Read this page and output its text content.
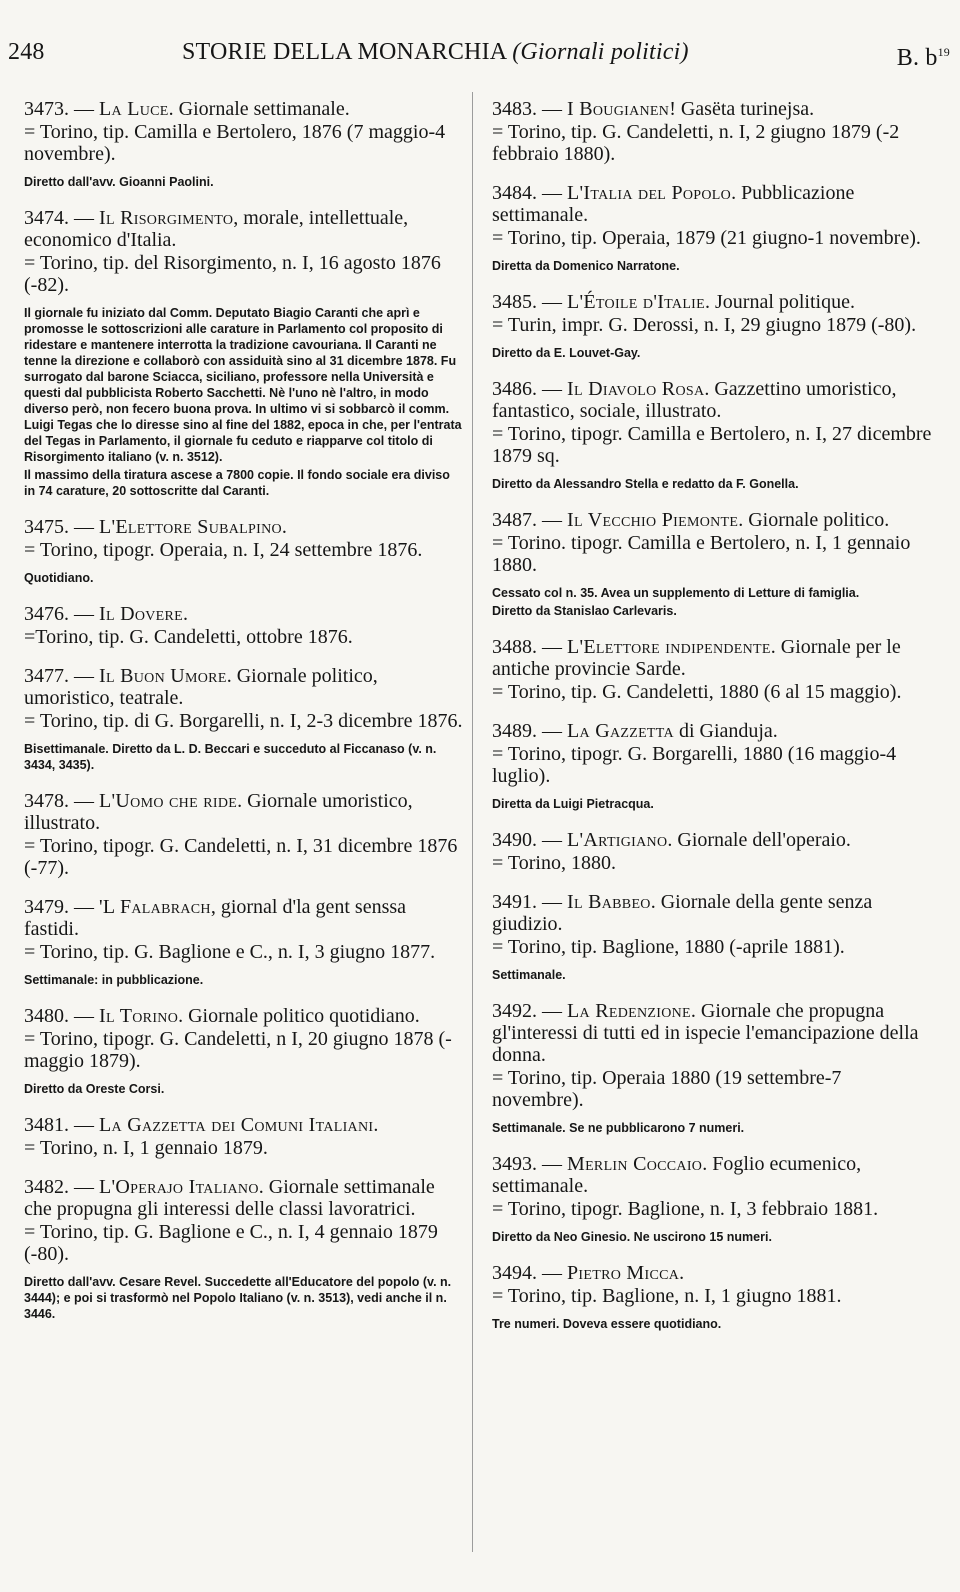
248	STORIE DELLA MONARCHIA (Giornali politici)	B. $b^{19}$
3473. — La Luce. Giornale settimanale.
= Torino, tip. Camilla e Bertolero, 1876 (7 maggio-4 novembre).
Diretto dall'avv. Gioanni Paolini.
3474. — Il Risorgimento, morale, intellettuale, economico d'Italia.
= Torino, tip. del Risorgimento, n. I, 16 agosto 1876 (-82).
Il giornale fu iniziato dal Comm. Deputato Biagio Caranti che aprì e promosse le sottoscrizioni alle carature in Parlamento col proposito di ridestare e mantenere interrotta la tradizione cavouriana. Il Caranti ne tenne la direzione e collaborò con assiduità sino al 31 dicembre 1878. Fu surrogato dal barone Sciacca, siciliano, professore nella Università e questi dal pubblicista Roberto Sacchetti. Nè l'uno nè l'altro, in modo diverso però, non fecero buona prova. In ultimo vi si sobbarcò il comm. Luigi Tegas che lo diresse sino al fine del 1882, epoca in che, per l'entrata del Tegas in Parlamento, il giornale fu ceduto e riapparve col titolo di Risorgimento italiano (v. n. 3512).
Il massimo della tiratura ascese a 7800 copie. Il fondo sociale era diviso in 74 carature, 20 sottoscritte dal Caranti.
3475. — L'Elettore Subalpino.
= Torino, tipogr. Operaia, n. I, 24 settembre 1876.
Quotidiano.
3476. — Il Dovere.
=Torino, tip. G. Candeletti, ottobre 1876.
3477. — Il Buon Umore. Giornale politico, umoristico, teatrale.
= Torino, tip. di G. Borgarelli, n. I, 2-3 dicembre 1876.
Bisettimanale. Diretto da L. D. Beccari e succeduto al Ficcanaso (v. n. 3434, 3435).
3478. — L'Uomo che ride. Giornale umoristico, illustrato.
= Torino, tipogr. G. Candeletti, n. I, 31 dicembre 1876 (-77).
3479. — 'L Falabrach, giornal d'la gent senssa fastidi.
= Torino, tip. G. Baglione e C., n. I, 3 giugno 1877.
Settimanale: in pubblicazione.
3480. — Il Torino. Giornale politico quotidiano.
= Torino, tipogr. G. Candeletti, n I, 20 giugno 1878 (- maggio 1879).
Diretto da Oreste Corsi.
3481. — La Gazzetta dei Comuni Italiani.
= Torino, n. I, 1 gennaio 1879.
3482. — L'Operajo Italiano. Giornale settimanale che propugna gli interessi delle classi lavoratrici.
= Torino, tip. G. Baglione e C., n. I, 4 gennaio 1879 (-80).
Diretto dall'avv. Cesare Revel. Succedette all'Educatore del popolo (v. n. 3444); e poi si trasformò nel Popolo Italiano (v. n. 3513), vedi anche il n. 3446.
3483. — I Bougianen! Gasëta turinejsa.
= Torino, tip. G. Candeletti, n. I, 2 giugno 1879 (-2 febbraio 1880).
3484. — L'Italia del Popolo. Pubblicazione settimanale.
= Torino, tip. Operaia, 1879 (21 giugno-1 novembre).
Diretta da Domenico Narratone.
3485. — L'Étoile d'Italie. Journal politique.
= Turin, impr. G. Derossi, n. I, 29 giugno 1879 (-80).
Diretto da E. Louvet-Gay.
3486. — Il Diavolo Rosa. Gazzettino umoristico, fantastico, sociale, illustrato.
= Torino, tipogr. Camilla e Bertolero, n. I, 27 dicembre 1879 sq.
Diretto da Alessandro Stella e redatto da F. Gonella.
3487. — Il Vecchio Piemonte. Giornale politico.
= Torino. tipogr. Camilla e Bertolero, n. I, 1 gennaio 1880.
Cessato col n. 35. Avea un supplemento di Letture di famiglia.
Diretto da Stanislao Carlevaris.
3488. — L'Elettore indipendente. Giornale per le antiche provincie Sarde.
= Torino, tip. G. Candeletti, 1880 (6 al 15 maggio).
3489. — La Gazzetta di Gianduja.
= Torino, tipogr. G. Borgarelli, 1880 (16 maggio-4 luglio).
Diretta da Luigi Pietracqua.
3490. — L'Artigiano. Giornale dell'operaio.
= Torino, 1880.
3491. — Il Babbeo. Giornale della gente senza giudizio.
= Torino, tip. Baglione, 1880 (-aprile 1881).
Settimanale.
3492. — La Redenzione. Giornale che propugna gl'interessi di tutti ed in ispecie l'emancipazione della donna.
= Torino, tip. Operaia 1880 (19 settembre-7 novembre).
Settimanale. Se ne pubblicarono 7 numeri.
3493. — Merlin Coccaio. Foglio ecumenico, settimanale.
= Torino, tipogr. Baglione, n. I, 3 febbraio 1881.
Diretto da Neo Ginesio. Ne uscirono 15 numeri.
3494. — Pietro Micca.
= Torino, tip. Baglione, n. I, 1 giugno 1881.
Tre numeri. Doveva essere quotidiano.
